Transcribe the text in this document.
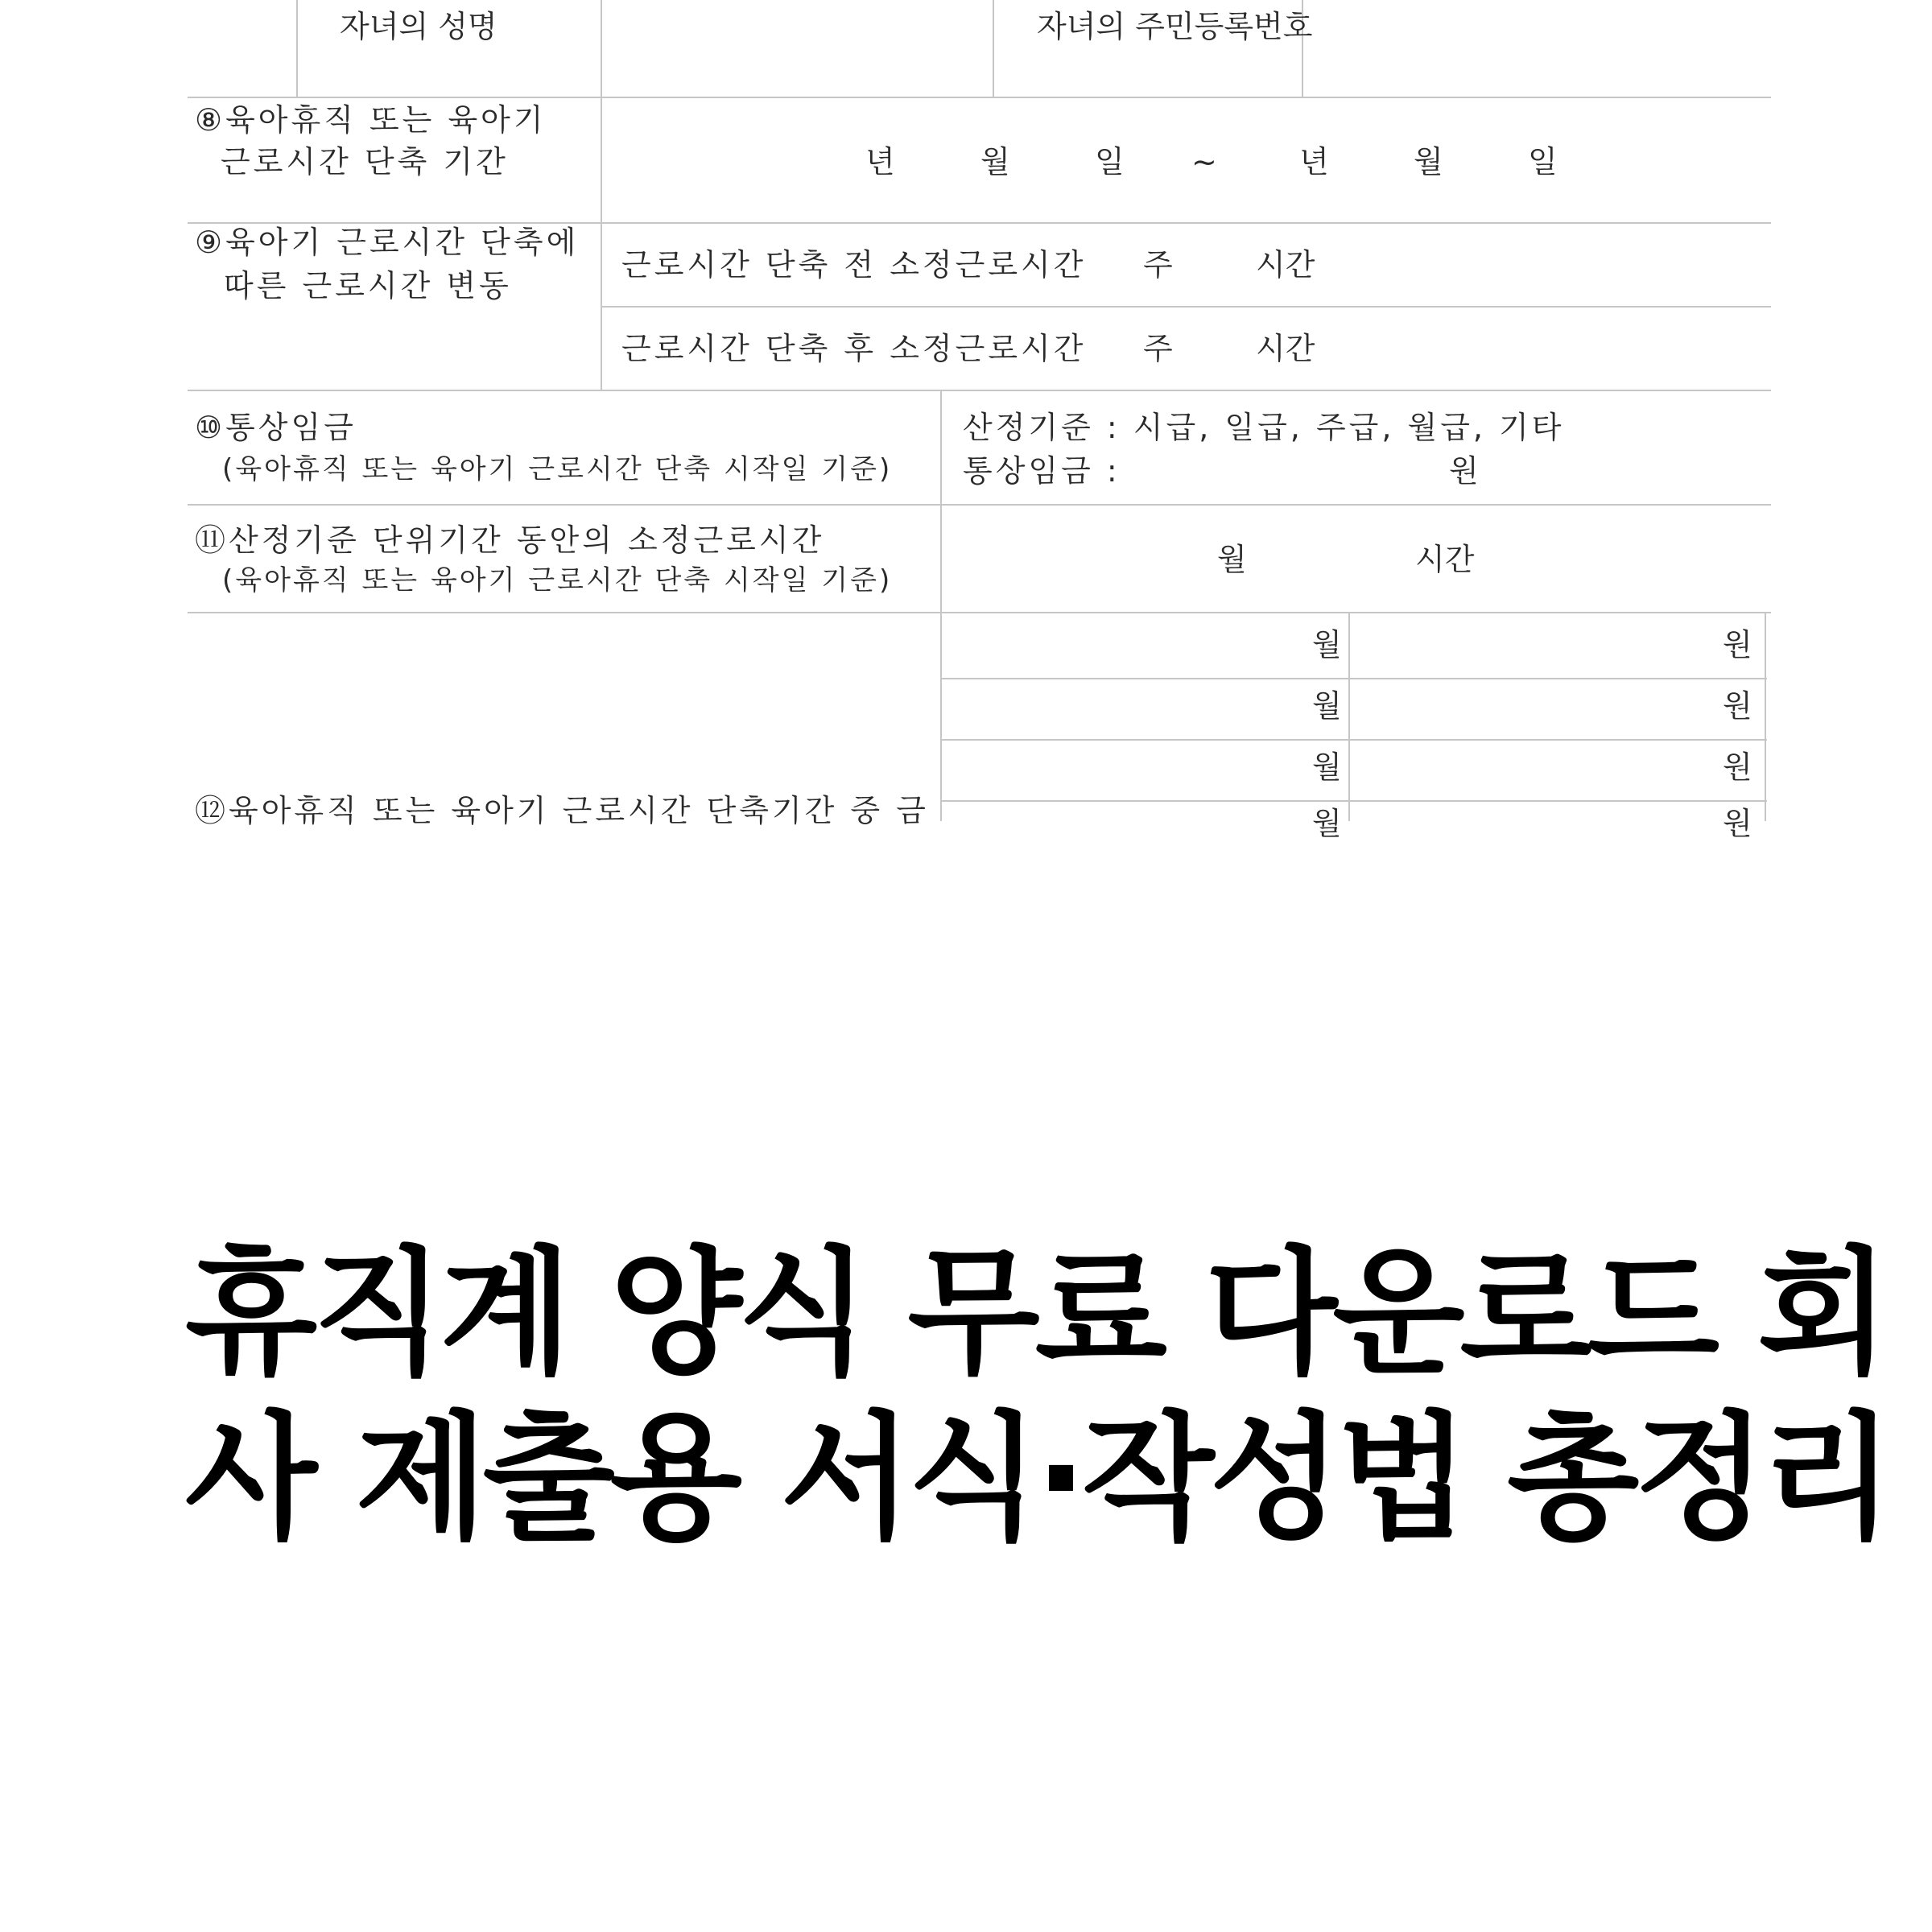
자녀의 성명	자녀의 주민등록번호
⑧육아휴직 또는 육아기
근로시간 단축 기간	년	월	일 ~	년	월	일
⑨육아기 근로시간 단축에
따른 근로시간 변동
근로시간 단축 전 소정근로시간 주	시간
근로시간 단축 후 소정근로시간 주	시간
⑩통상임금
(육아휴직 또는 육아기 근로시간 단축 시작일 기준)
산정기준 : 시급, 일급, 주급, 월급, 기타
통상임금 :	원
⑪산정기준 단위기간 동안의 소정근로시간
(육아휴직 또는 육아기 근로시간 단축 시작일 기준)
월	시간
⑫육아휴직 또는 육아기 근로시간 단축기간 중 금
월	원
월	원
월	원
월	원
휴직계 양식 무료 다운로드 회
사 제출용 서식·작성법 총정리
